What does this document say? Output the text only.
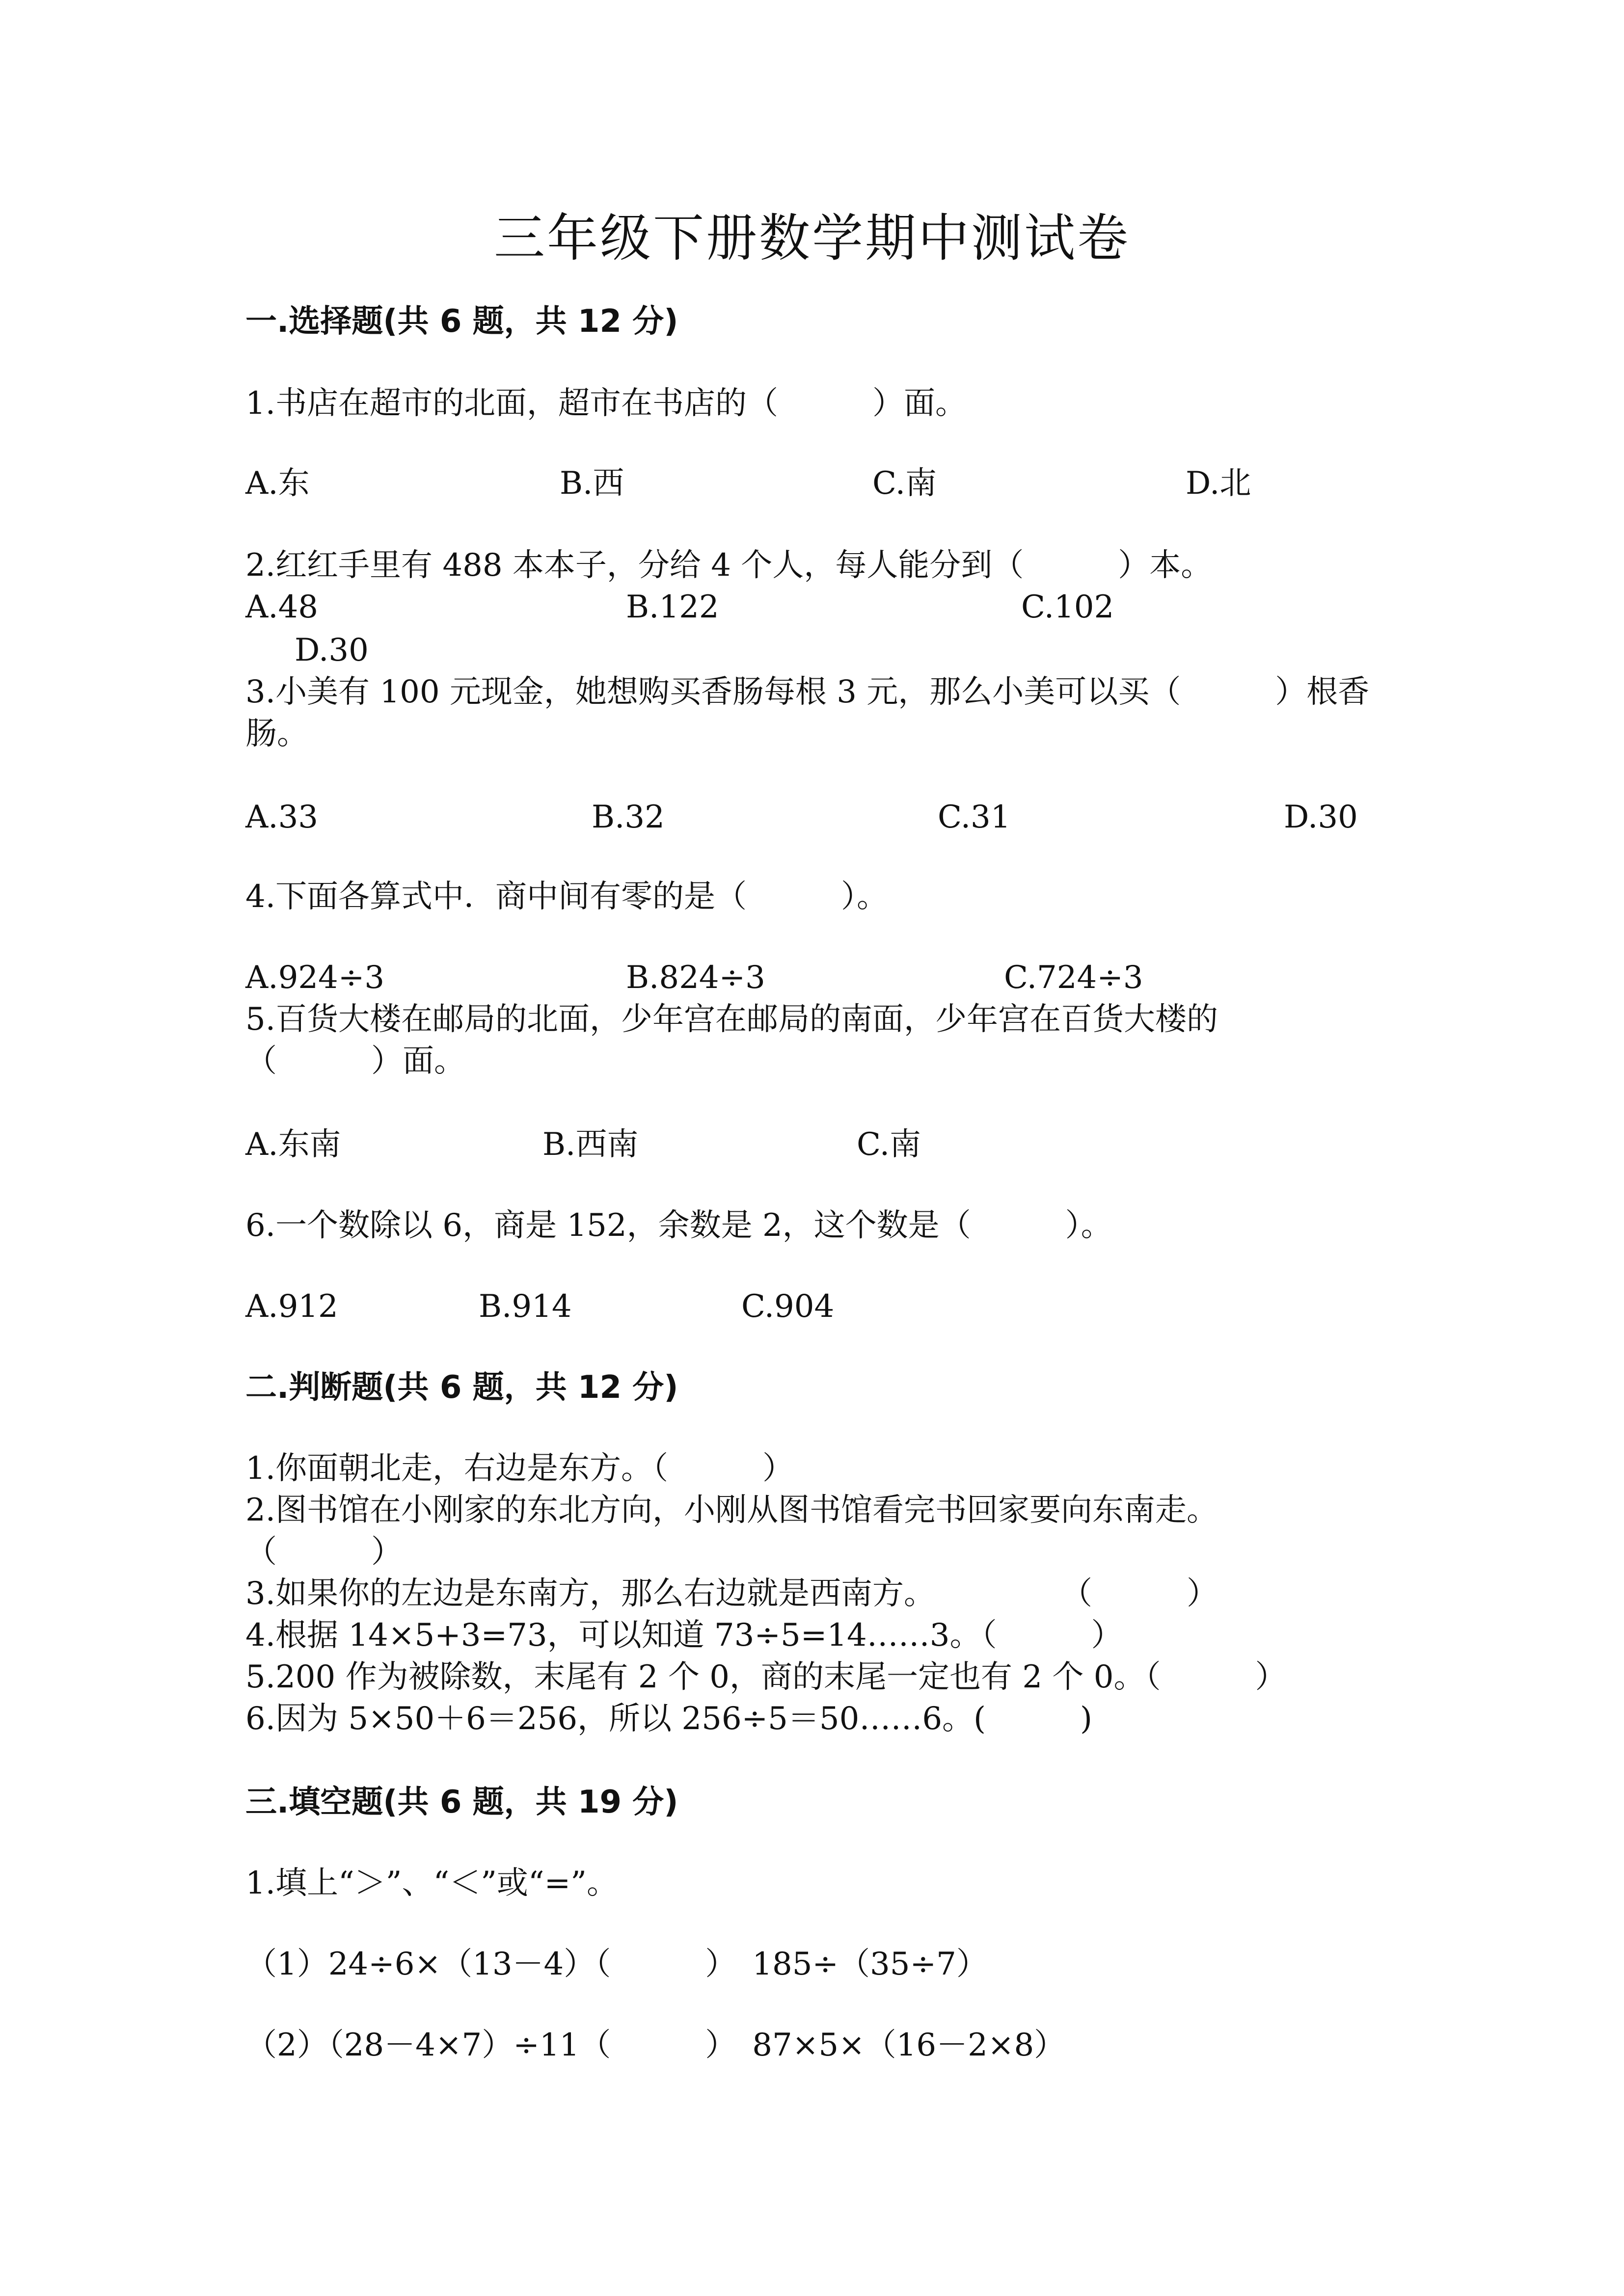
三年级下册数学期中测试卷
一.选择题(共 6 题，共 12 分)
1.书店在超市的北面，超市在书店的（　　　）面。
A.东	B.西	C.南	D.北
2.红红手里有 488 本本子，分给 4 个人，每人能分到（　　　）本。
A.48	B.122	C.102
D.30
3.小美有 100 元现金，她想购买香肠每根 3 元，那么小美可以买（　　　）根香
肠。
A.33	B.32	C.31	D.30
4.下面各算式中．商中间有零的是（　　　）。
A.924÷3	B.824÷3	C.724÷3
5.百货大楼在邮局的北面，少年宫在邮局的南面，少年宫在百货大楼的
（　　　）面。
A.东南	B.西南	C.南
6.一个数除以 6，商是 152，余数是 2，这个数是（　　　）。
A.912	B.914	C.904
二.判断题(共 6 题，共 12 分)
1.你面朝北走，右边是东方。（　　　）
2.图书馆在小刚家的东北方向，小刚从图书馆看完书回家要向东南走。
（　　　）
3.如果你的左边是东南方，那么右边就是西南方。　　　　　（　　　）
4.根据 14×5+3=73，可以知道 73÷5=14……3。（　　　）
5.200 作为被除数，末尾有 2 个 0，商的末尾一定也有 2 个 0。（　　　）
6.因为 5×50＋6＝256，所以 256÷5＝50……6。(　　　)
三.填空题(共 6 题，共 19 分)
1.填上“＞”、“＜”或“=”。
（1）24÷6×（13－4）（　　　）　185÷（35÷7）
（2）（28－4×7）÷11（　　　）　87×5×（16－2×8）
